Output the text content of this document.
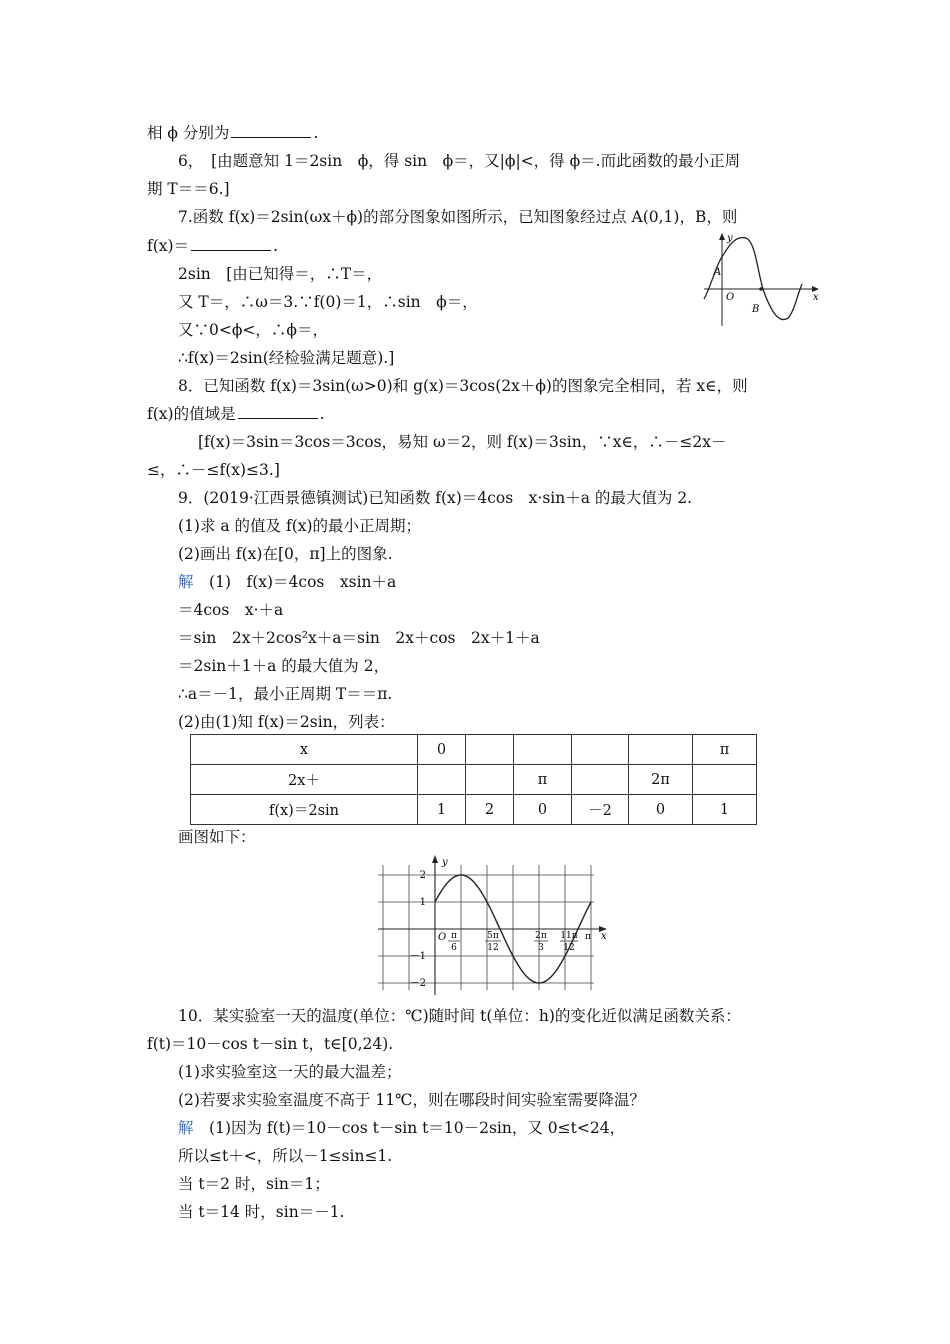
相 ϕ 分别为	.
6，　[由题意知 1＝2sin　ϕ，得 sin　ϕ＝，又|ϕ|<，得 ϕ＝.而此函数的最小正周
期 T＝＝6.]
7.函数 f(x)＝2sin(ωx＋ϕ)的部分图象如图所示，已知图象经过点 A(0,1)，B，则
f(x)＝	.
2sin　[由已知得＝，∴T＝，
又 T＝，∴ω＝3.∵f(0)＝1，∴sin　ϕ＝，
又∵0<ϕ<，∴ϕ＝，
∴f(x)＝2sin(经检验满足题意).]
8．已知函数 f(x)＝3sin(ω>0)和 g(x)＝3cos(2x＋ϕ)的图象完全相同，若 x∈，则
f(x)的值域是	.
[f(x)＝3sin＝3cos＝3cos，易知 ω＝2，则 f(x)＝3sin，∵x∈，∴－≤2x－
≤，∴－≤f(x)≤3.]
9．(2019·江西景德镇测试)已知函数 f(x)＝4cos　x·sin＋a 的最大值为 2.
(1)求 a 的值及 f(x)的最小正周期；
(2)画出 f(x)在[0，π]上的图象.
解　 (1)　f(x)＝4cos　xsin＋a
＝4cos　x·＋a
＝sin　2x＋2cos²x＋a＝sin　2x＋cos　2x＋1＋a
＝2sin＋1＋a 的最大值为 2，
∴a＝－1，最小正周期 T＝＝π.
(2)由(1)知 f(x)＝2sin，列表：
x	0					π
2x＋			π		2π	
f(x)＝2sin	1	2	0	－2	0	1
画图如下：
y
x
A
O
B
y
x
2
1
－1
－2
O π
6
5π
12
2π
3
11π
12
π
10．某实验室一天的温度(单位：℃)随时间 t(单位：h)的变化近似满足函数关系：
f(t)＝10－cos t－sin t，t∈[0,24).
(1)求实验室这一天的最大温差；
(2)若要求实验室温度不高于 11℃，则在哪段时间实验室需要降温？
解　 (1)因为 f(t)＝10－cos t－sin t＝10－2sin，又 0≤t<24，
所以≤t＋<，所以－1≤sin≤1.
当 t＝2 时，sin＝1；
当 t＝14 时，sin＝－1.
